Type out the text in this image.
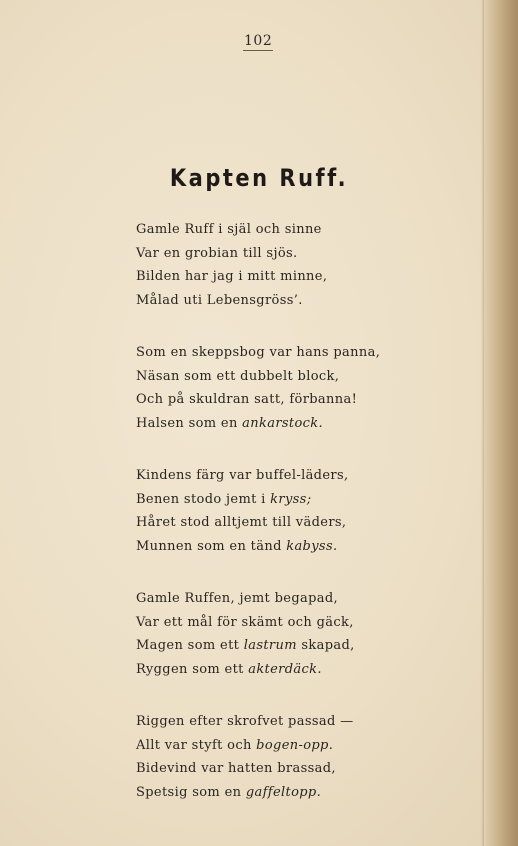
102
Kapten Ruff.
Gamle Ruff i själ och sinne
Var en grobian till sjös.
Bilden har jag i mitt minne,
Målad uti Lebensgröss’.
Som en skeppsbog var hans panna,
Näsan som ett dubbelt block,
Och på skuldran satt, förbanna!
Halsen som en ankarstock.
Kindens färg var buffel-läders,
Benen stodo jemt i kryss;
Håret stod alltjemt till väders,
Munnen som en tänd kabyss.
Gamle Ruffen, jemt begapad,
Var ett mål för skämt och gäck,
Magen som ett lastrum skapad,
Ryggen som ett akterdäck.
Riggen efter skrofvet passad —
Allt var styft och bogen-opp.
Bidevind var hatten brassad,
Spetsig som en gaffeltopp.
